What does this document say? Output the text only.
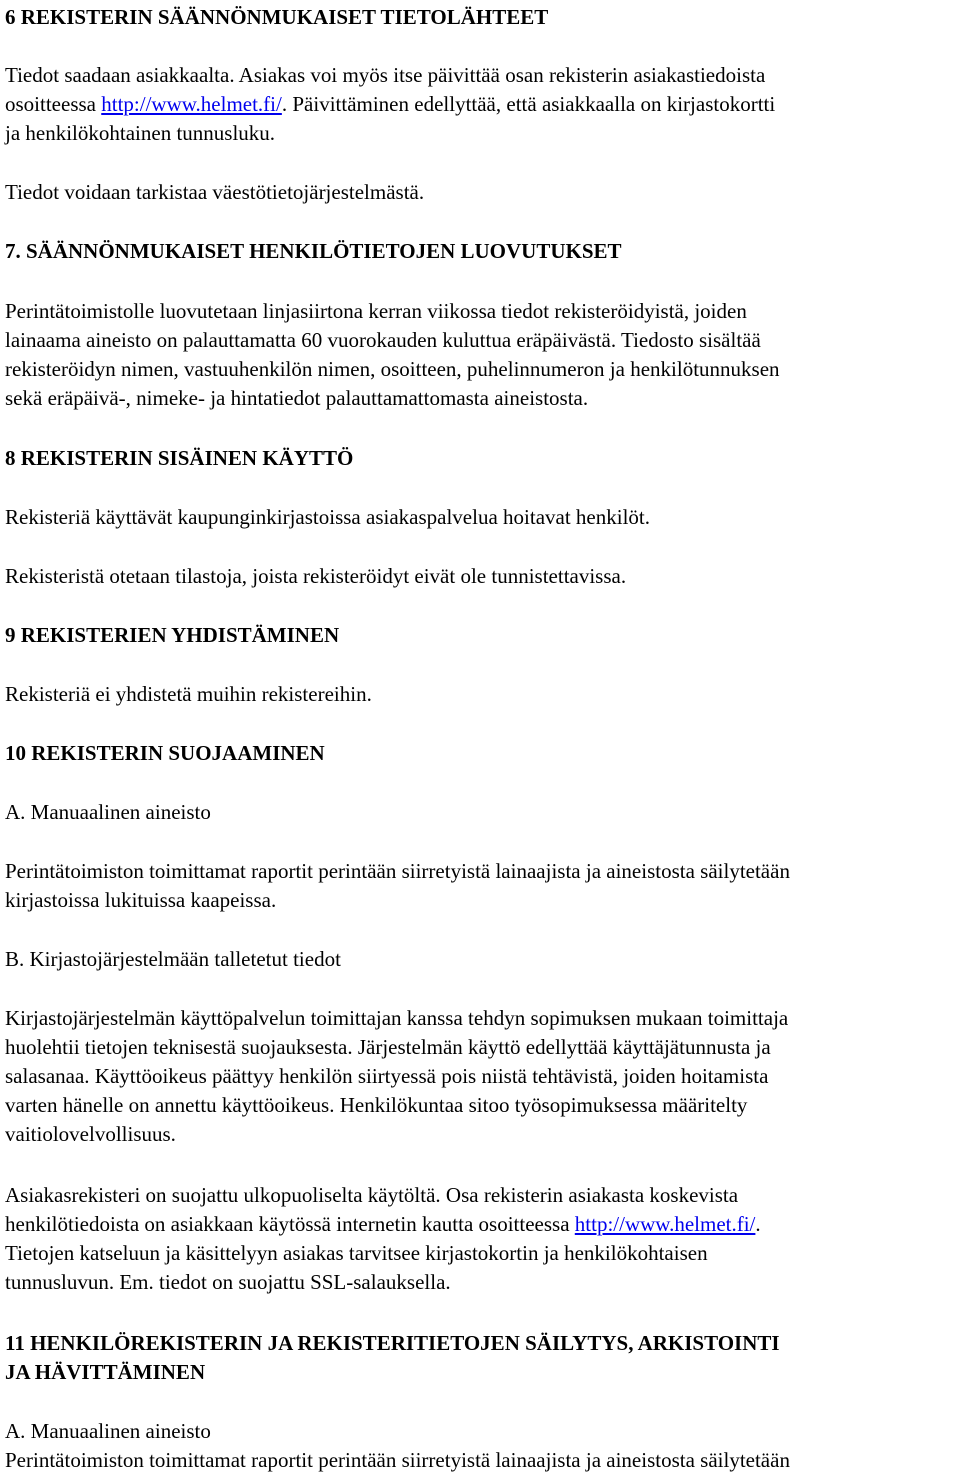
6 REKISTERIN SÄÄNNÖNMUKAISET TIETOLÄHTEET
Tiedot saadaan asiakkaalta. Asiakas voi myös itse päivittää osan rekisterin asiakastiedoista
osoitteessa http://www.helmet.fi/. Päivittäminen edellyttää, että asiakkaalla on kirjastokortti
ja henkilökohtainen tunnusluku.
Tiedot voidaan tarkistaa väestötietojärjestelmästä.
7. SÄÄNNÖNMUKAISET HENKILÖTIETOJEN LUOVUTUKSET
Perintätoimistolle luovutetaan linjasiirtona kerran viikossa tiedot rekisteröidyistä, joiden
lainaama aineisto on palauttamatta 60 vuorokauden kuluttua eräpäivästä. Tiedosto sisältää
rekisteröidyn nimen, vastuuhenkilön nimen, osoitteen, puhelinnumeron ja henkilötunnuksen
sekä eräpäivä-, nimeke- ja hintatiedot palauttamattomasta aineistosta.
8 REKISTERIN SISÄINEN KÄYTTÖ
Rekisteriä käyttävät kaupunginkirjastoissa asiakaspalvelua hoitavat henkilöt.
Rekisteristä otetaan tilastoja, joista rekisteröidyt eivät ole tunnistettavissa.
9 REKISTERIEN YHDISTÄMINEN
Rekisteriä ei yhdistetä muihin rekistereihin.
10 REKISTERIN SUOJAAMINEN
A. Manuaalinen aineisto
Perintätoimiston toimittamat raportit perintään siirretyistä lainaajista ja aineistosta säilytetään
kirjastoissa lukituissa kaapeissa.
B. Kirjastojärjestelmään talletetut tiedot
Kirjastojärjestelmän käyttöpalvelun toimittajan kanssa tehdyn sopimuksen mukaan toimittaja
huolehtii tietojen teknisestä suojauksesta. Järjestelmän käyttö edellyttää käyttäjätunnusta ja
salasanaa. Käyttöoikeus päättyy henkilön siirtyessä pois niistä tehtävistä, joiden hoitamista
varten hänelle on annettu käyttöoikeus. Henkilökuntaa sitoo työsopimuksessa määritelty
vaitiolovelvollisuus.
Asiakasrekisteri on suojattu ulkopuoliselta käytöltä. Osa rekisterin asiakasta koskevista
henkilötiedoista on asiakkaan käytössä internetin kautta osoitteessa http://www.helmet.fi/.
Tietojen katseluun ja käsittelyyn asiakas tarvitsee kirjastokortin ja henkilökohtaisen
tunnusluvun. Em. tiedot on suojattu SSL-salauksella.
11 HENKILÖREKISTERIN JA REKISTERITIETOJEN SÄILYTYS, ARKISTOINTI
JA HÄVITTÄMINEN
A. Manuaalinen aineisto
Perintätoimiston toimittamat raportit perintään siirretyistä lainaajista ja aineistosta säilytetään
